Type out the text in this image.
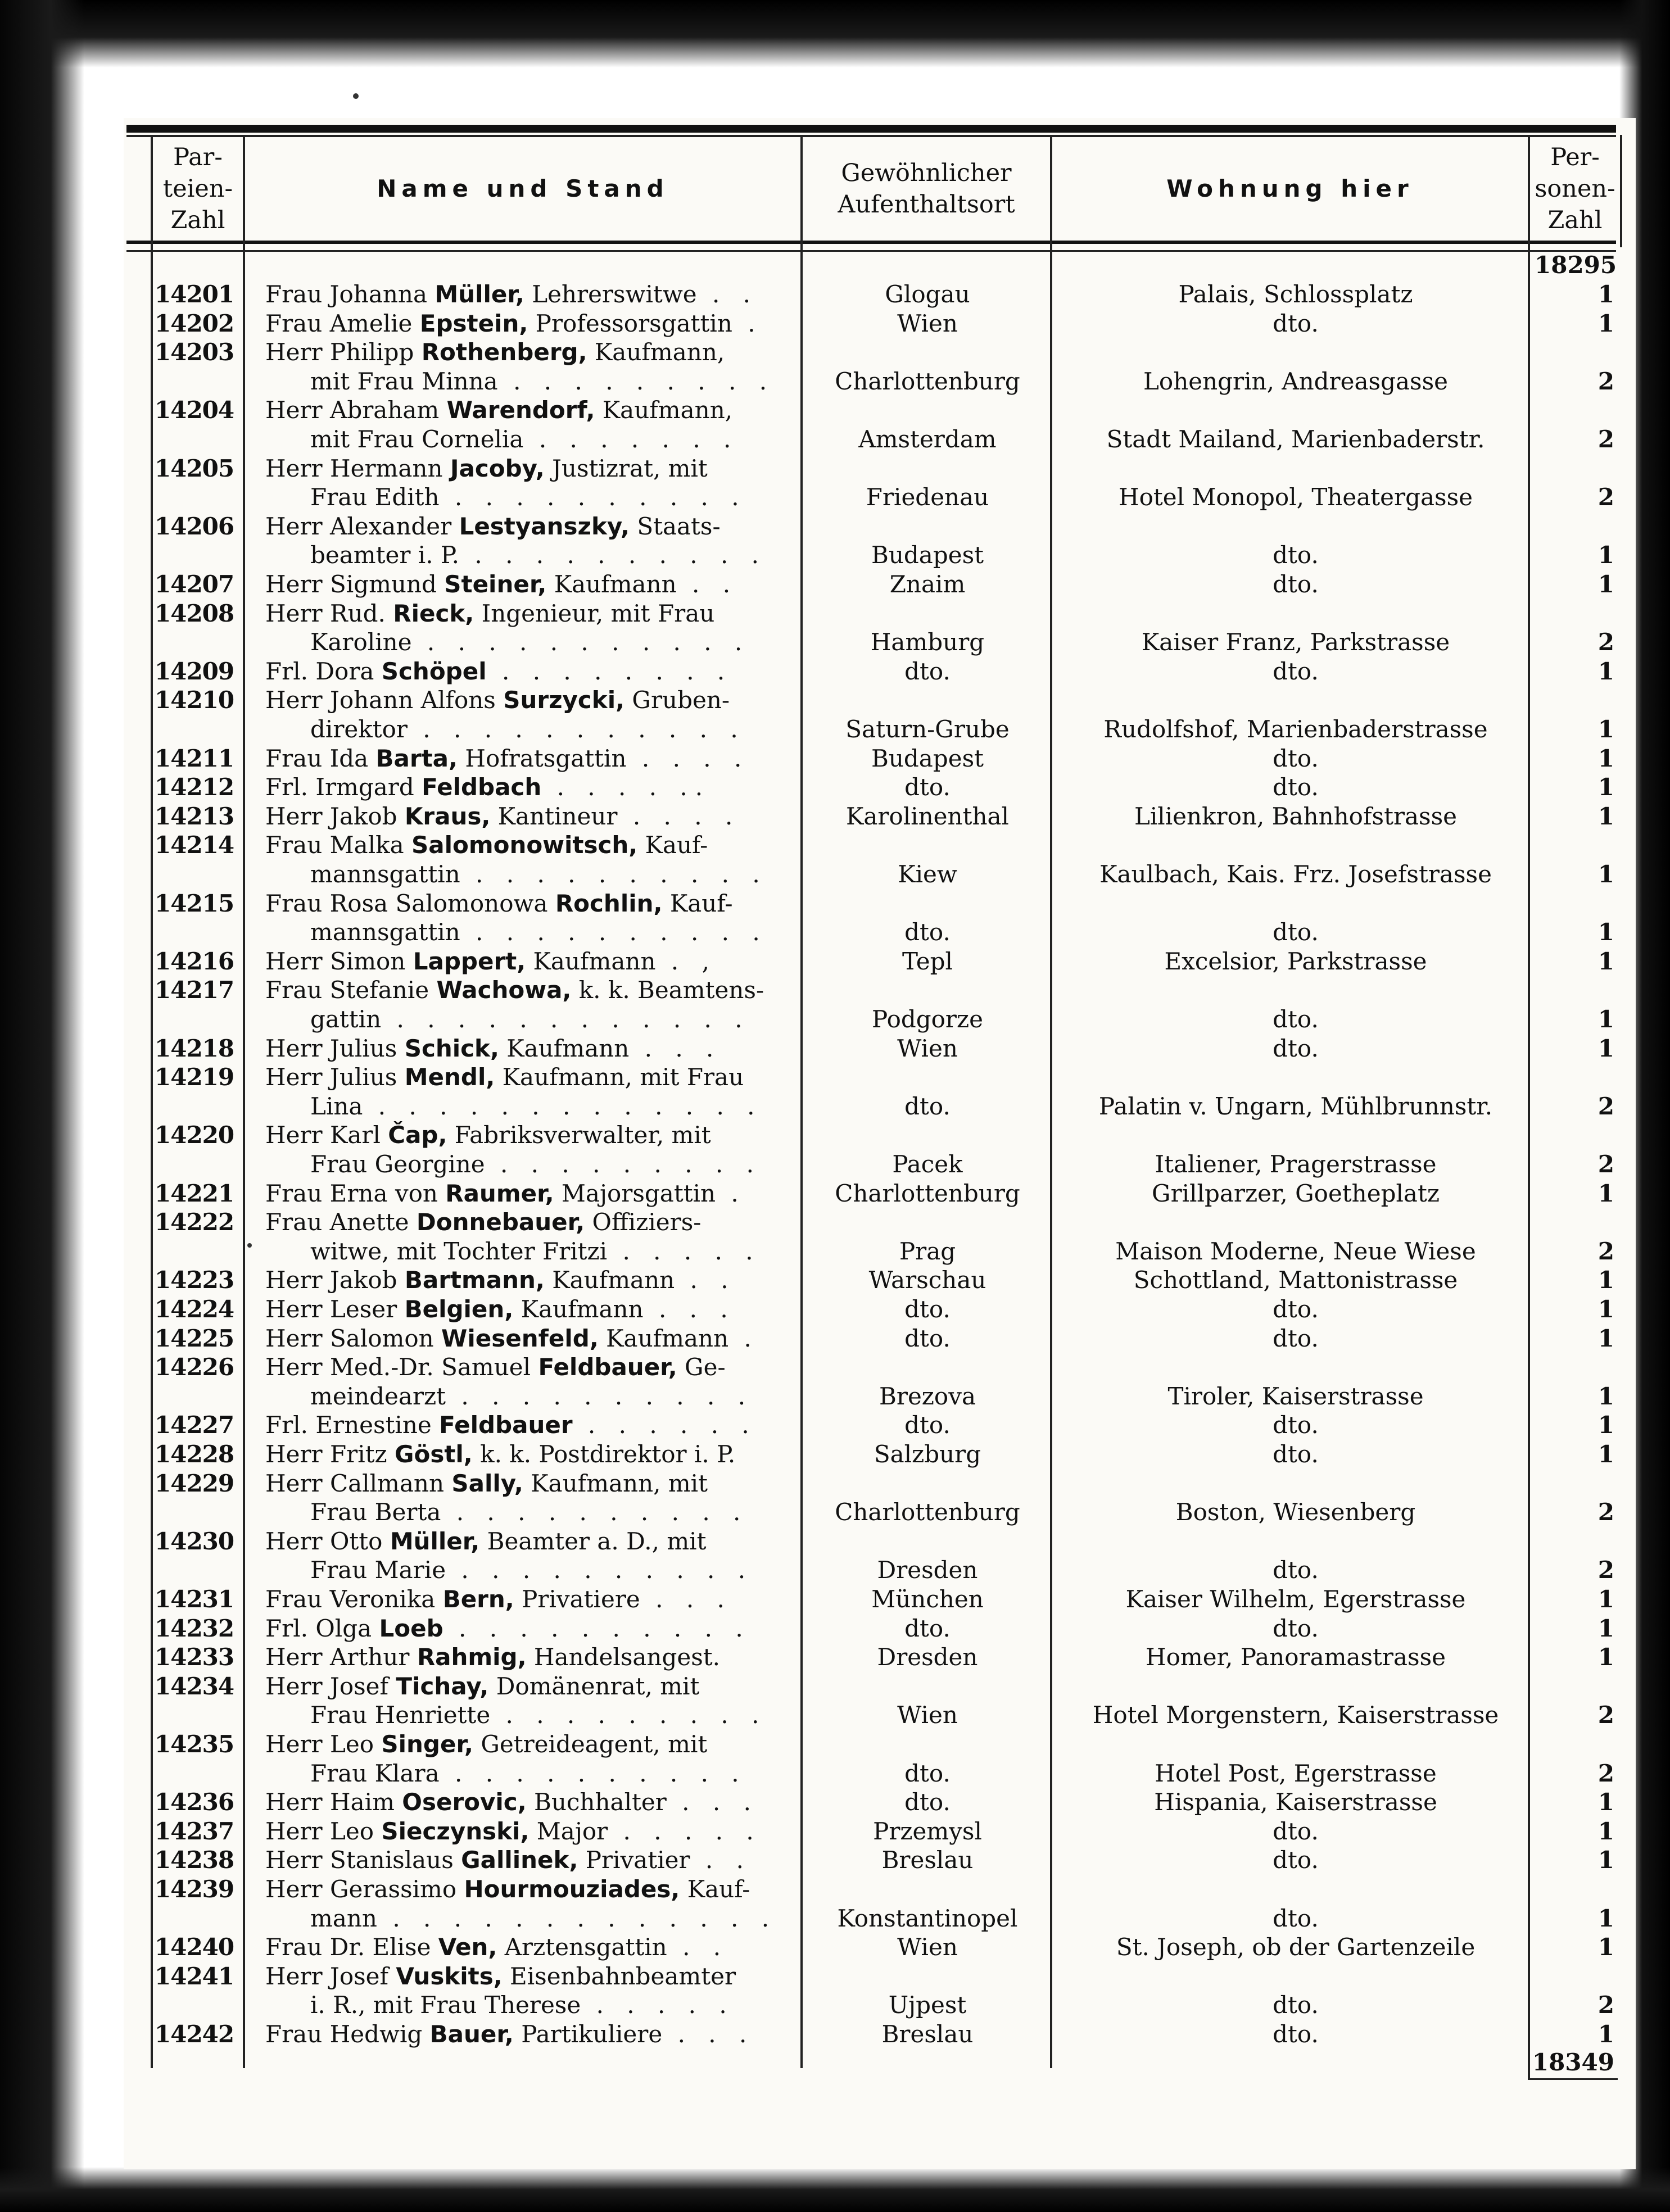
Par-
teien-
Zahl
Name und Stand
Gewöhnlicher
Aufenthaltsort
Wohnung hier
Per-
sonen-
Zahl
18295
14201	Frau Johanna Müller, Lehrerswitwe . .	Glogau	Palais, Schlossplatz	1
14202	Frau Amelie Epstein, Professorsgattin .	Wien	dto.	1
14203	Herr Philipp Rothenberg, Kaufmann,
mit Frau Minna . . . . . . . . .	Charlottenburg	Lohengrin, Andreasgasse	2
14204	Herr Abraham Warendorf, Kaufmann,
mit Frau Cornelia . . . . . . .	Amsterdam	Stadt Mailand, Marienbaderstr.	2
14205	Herr Hermann Jacoby, Justizrat, mit
Frau Edith . . . . . . . . . .	Friedenau	Hotel Monopol, Theatergasse	2
14206	Herr Alexander Lestyanszky, Staats-
beamter i. P. . . . . . . . . . .	Budapest	dto.	1
14207	Herr Sigmund Steiner, Kaufmann . .	Znaim	dto.	1
14208	Herr Rud. Rieck, Ingenieur, mit Frau
Karoline . . . . . . . . . . .	Hamburg	Kaiser Franz, Parkstrasse	2
14209	Frl. Dora Schöpel . . . . . . . .	dto.	dto.	1
14210	Herr Johann Alfons Surzycki, Gruben-
direktor . . . . . . . . . . .	Saturn-Grube	Rudolfshof, Marienbaderstrasse	1
14211	Frau Ida Barta, Hofratsgattin . . . .	Budapest	dto.	1
14212	Frl. Irmgard Feldbach . . . . ..	dto.	dto.	1
14213	Herr Jakob Kraus, Kantineur . . . .	Karolinenthal	Lilienkron, Bahnhofstrasse	1
14214	Frau Malka Salomonowitsch, Kauf-
mannsgattin . . . . . . . . . .	Kiew	Kaulbach, Kais. Frz. Josefstrasse	1
14215	Frau Rosa Salomonowa Rochlin, Kauf-
mannsgattin . . . . . . . . . .	dto.	dto.	1
14216	Herr Simon Lappert, Kaufmann . ,	Tepl	Excelsior, Parkstrasse	1
14217	Frau Stefanie Wachowa, k. k. Beamtens-
gattin . . . . . . . . . . . .	Podgorze	dto.	1
14218	Herr Julius Schick, Kaufmann . . .	Wien	dto.	1
14219	Herr Julius Mendl, Kaufmann, mit Frau
Lina . . . . . . . . . . . . .	dto.	Palatin v. Ungarn, Mühlbrunnstr.	2
14220	Herr Karl Čap, Fabriksverwalter, mit
Frau Georgine . . . . . . . . .	Pacek	Italiener, Pragerstrasse	2
14221	Frau Erna von Raumer, Majorsgattin .	Charlottenburg	Grillparzer, Goetheplatz	1
14222	Frau Anette Donnebauer, Offiziers-
witwe, mit Tochter Fritzi . . . . .	Prag	Maison Moderne, Neue Wiese	2
14223	Herr Jakob Bartmann, Kaufmann . .	Warschau	Schottland, Mattonistrasse	1
14224	Herr Leser Belgien, Kaufmann . . .	dto.	dto.	1
14225	Herr Salomon Wiesenfeld, Kaufmann .	dto.	dto.	1
14226	Herr Med.-Dr. Samuel Feldbauer, Ge-
meindearzt . . . . . . . . . .	Brezova	Tiroler, Kaiserstrasse	1
14227	Frl. Ernestine Feldbauer . . . . . .	dto.	dto.	1
14228	Herr Fritz Göstl, k. k. Postdirektor i. P.	Salzburg	dto.	1
14229	Herr Callmann Sally, Kaufmann, mit
Frau Berta . . . . . . . . . .	Charlottenburg	Boston, Wiesenberg	2
14230	Herr Otto Müller, Beamter a. D., mit
Frau Marie . . . . . . . . . .	Dresden	dto.	2
14231	Frau Veronika Bern, Privatiere . . .	München	Kaiser Wilhelm, Egerstrasse	1
14232	Frl. Olga Loeb . . . . . . . . . .	dto.	dto.	1
14233	Herr Arthur Rahmig, Handelsangest.	Dresden	Homer, Panoramastrasse	1
14234	Herr Josef Tichay, Domänenrat, mit
Frau Henriette . . . . . . . . .	Wien	Hotel Morgenstern, Kaiserstrasse	2
14235	Herr Leo Singer, Getreideagent, mit
Frau Klara . . . . . . . . . .	dto.	Hotel Post, Egerstrasse	2
14236	Herr Haim Oserovic, Buchhalter . . .	dto.	Hispania, Kaiserstrasse	1
14237	Herr Leo Sieczynski, Major . . . . .	Przemysl	dto.	1
14238	Herr Stanislaus Gallinek, Privatier . .	Breslau	dto.	1
14239	Herr Gerassimo Hourmouziades, Kauf-
mann . . . . . . . . . . . . .	Konstantinopel	dto.	1
14240	Frau Dr. Elise Ven, Arztensgattin . .	Wien	St. Joseph, ob der Gartenzeile	1
14241	Herr Josef Vuskits, Eisenbahnbeamter
i. R., mit Frau Therese . . . . .	Ujpest	dto.	2
14242	Frau Hedwig Bauer, Partikuliere . . .	Breslau	dto.	1
18349
